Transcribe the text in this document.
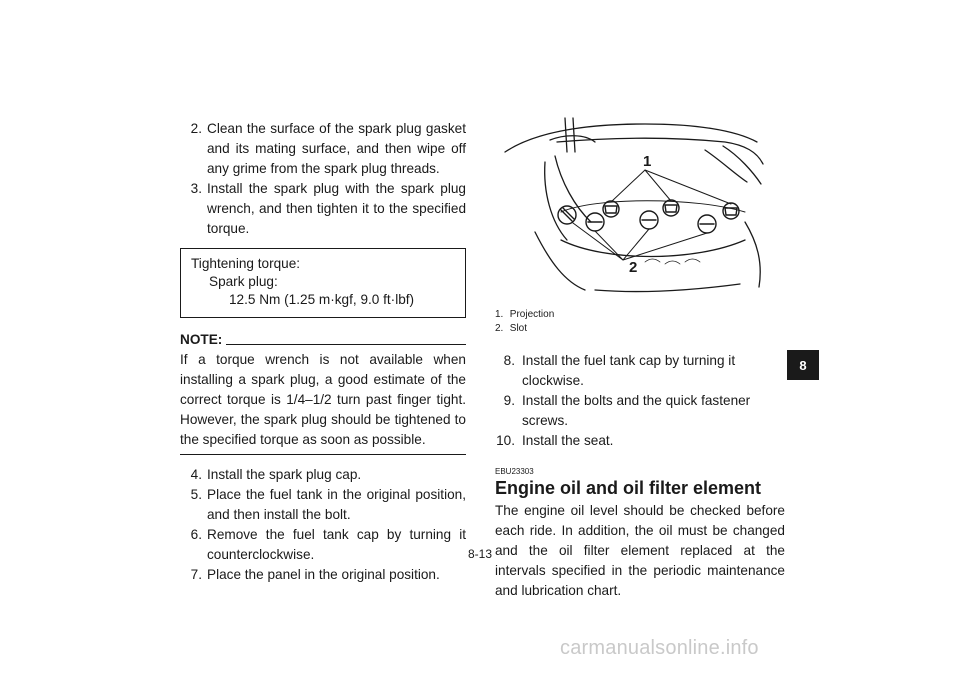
2. Clean the surface of the spark plug gasket and its mating surface, and then wipe off any grime from the spark plug threads.
3. Install the spark plug with the spark plug wrench, and then tighten it to the specified torque.
Tightening torque:
Spark plug:
12.5 Nm (1.25 m·kgf, 9.0 ft·lbf)
NOTE:
If a torque wrench is not available when installing a spark plug, a good estimate of the correct torque is 1/4–1/2 turn past finger tight. However, the spark plug should be tightened to the specified torque as soon as possible.
4. Install the spark plug cap.
5. Place the fuel tank in the original position, and then install the bolt.
6. Remove the fuel tank cap by turning it counterclockwise.
7. Place the panel in the original position.
1
2
1. Projection
2. Slot
8. Install the fuel tank cap by turning it clockwise.
9. Install the bolts and the quick fastener screws.
10. Install the seat.
EBU23303
Engine oil and oil filter element
The engine oil level should be checked before each ride. In addition, the oil must be changed and the oil filter element replaced at the intervals specified in the periodic maintenance and lubrication chart.
8
8-13
carmanualsonline.info
